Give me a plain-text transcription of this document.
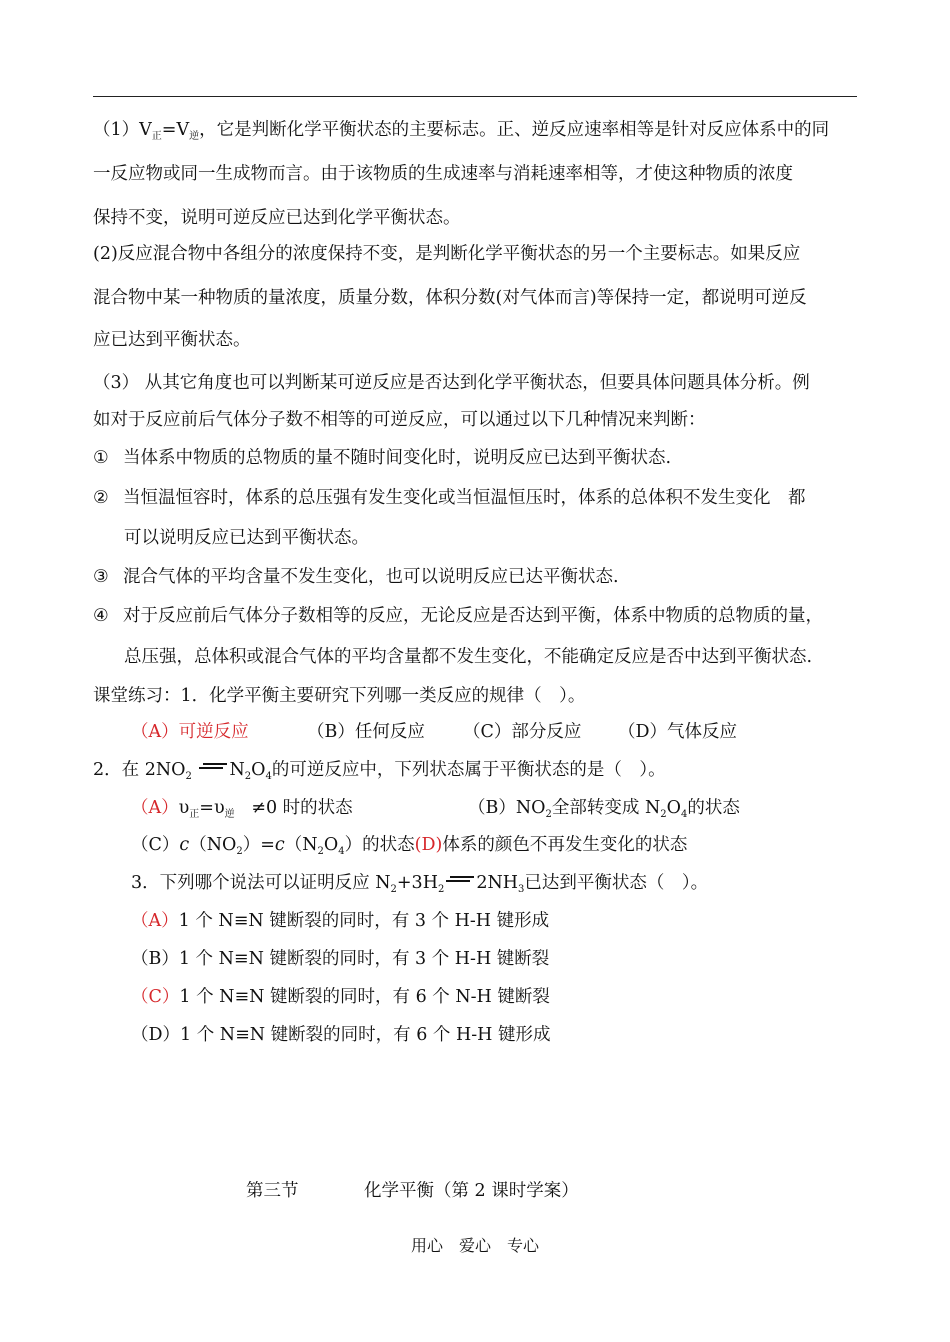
$(1)V_正=V_逆$，它是判断化学平衡状态的主要标志。正、逆反应速率相等是针对反应体系中的同
一反应物或同一生成物而言。由于该物质的生成速率与消耗速率相等，才使这种物质的浓度
保持不变，说明可逆反应已达到化学平衡状态。
(2)反应混合物中各组分的浓度保持不变，是判断化学平衡状态的另一个主要标志。如果反应
混合物中某一种物质的量浓度，质量分数，体积分数(对气体而言)等保持一定，都说明可逆反
应已达到平衡状态。
（3） 从其它角度也可以判断某可逆反应是否达到化学平衡状态，但要具体问题具体分析。例
如对于反应前后气体分子数不相等的可逆反应，可以通过以下几种情况来判断：
① 当体系中物质的总物质的量不随时间变化时，说明反应已达到平衡状态.
② 当恒温恒容时，体系的总压强有发生变化或当恒温恒压时，体系的总体积不发生变化　都
可以说明反应已达到平衡状态。
③ 混合气体的平均含量不发生变化，也可以说明反应已达平衡状态.
④ 对于反应前后气体分子数相等的反应，无论反应是否达到平衡，体系中物质的总物质的量，
总压强，总体积或混合气体的平均含量都不发生变化，不能确定反应是否中达到平衡状态.
课堂练习：1．化学平衡主要研究下列哪一类反应的规律（　）。
（A）可逆反应	（B）任何反应 （C）部分反应 （D）气体反应
2．在 $2NO_2$ $N_2O_4$的可逆反应中，下列状态属于平衡状态的是（　）。
$(A)\upsilon_正=\upsilon_逆 \ne 0$ 时的状态	$(B)NO_2$全部转变成 $N_2O_4$的状态
$(C)c(NO_2)=c(N_2O_4)$的状态(D)体系的颜色不再发生变化的状态
3．下列哪个说法可以证明反应 $N_2+3H_2$ $2NH_3$已达到平衡状态（　）。
（A）1 个 N≡N 键断裂的同时，有 3 个 H-H 键形成
（B）1 个 N≡N 键断裂的同时，有 3 个 H-H 键断裂
（C）1 个 N≡N 键断裂的同时，有 6 个 N-H 键断裂
（D）1 个 N≡N 键断裂的同时，有 6 个 H-H 键形成
第三节	化学平衡（第 2 课时学案）
用心　爱心　专心
